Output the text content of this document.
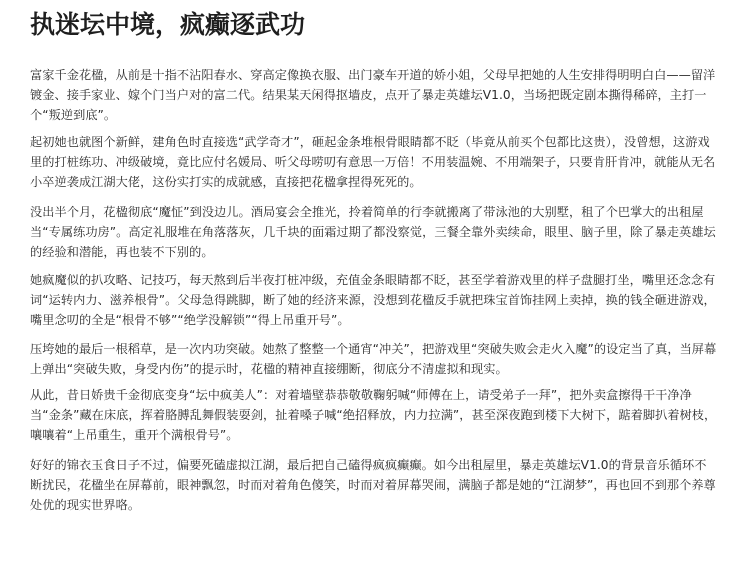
执迷坛中境，疯癫逐武功

富家千金花楹，从前是十指不沾阳春水、穿高定像换衣服、出门豪车开道的娇小姐，父母早把她的人生安排得明明白白——留洋镀金、接手家业、嫁个门当户对的富二代。结果某天闲得抠墙皮，点开了暴走英雄坛V1.0，当场把既定剧本撕得稀碎，主打一个“叛逆到底”。

起初她也就图个新鲜，建角色时直接选“武学奇才”，砸起金条堆根骨眼睛都不眨（毕竟从前买个包都比这贵），没曾想，这游戏里的打桩练功、冲级破境，竟比应付名媛局、听父母唠叨有意思一万倍！不用装温婉、不用端架子，只要肯肝肯冲，就能从无名小卒逆袭成江湖大佬，这份实打实的成就感，直接把花楹拿捏得死死的。

没出半个月，花楹彻底“魔怔”到没边儿。酒局宴会全推光，拎着简单的行李就搬离了带泳池的大别墅，租了个巴掌大的出租屋当“专属练功房”。高定礼服堆在角落落灰，几千块的面霜过期了都没察觉，三餐全靠外卖续命，眼里、脑子里，除了暴走英雄坛的经验和潜能，再也装不下别的。

她疯魔似的扒攻略、记技巧，每天熬到后半夜打桩冲级，充值金条眼睛都不眨，甚至学着游戏里的样子盘腿打坐，嘴里还念念有词“运转内力、滋养根骨”。父母急得跳脚，断了她的经济来源，没想到花楹反手就把珠宝首饰挂网上卖掉，换的钱全砸进游戏，嘴里念叨的全是“根骨不够”“绝学没解锁”“得上吊重开号”。

压垮她的最后一根稻草，是一次内功突破。她熬了整整一个通宵“冲关”，把游戏里“突破失败会走火入魔”的设定当了真，当屏幕上弹出“突破失败，身受内伤”的提示时，花楹的精神直接绷断，彻底分不清虚拟和现实。

从此，昔日娇贵千金彻底变身“坛中疯美人”：对着墙壁恭恭敬敬鞠躬喊“师傅在上，请受弟子一拜”，把外卖盒擦得干干净净当“金条”藏在床底，挥着胳膊乱舞假装耍剑，扯着嗓子喊“绝招释放，内力拉满”，甚至深夜跑到楼下大树下，踮着脚扒着树枝，嚷嚷着“上吊重生，重开个满根骨号”。

好好的锦衣玉食日子不过，偏要死磕虚拟江湖，最后把自己磕得疯疯癫癫。如今出租屋里，暴走英雄坛V1.0的背景音乐循环不断扰民，花楹坐在屏幕前，眼神飘忽，时而对着角色傻笑，时而对着屏幕哭闹，满脑子都是她的“江湖梦”，再也回不到那个养尊处优的现实世界咯。
